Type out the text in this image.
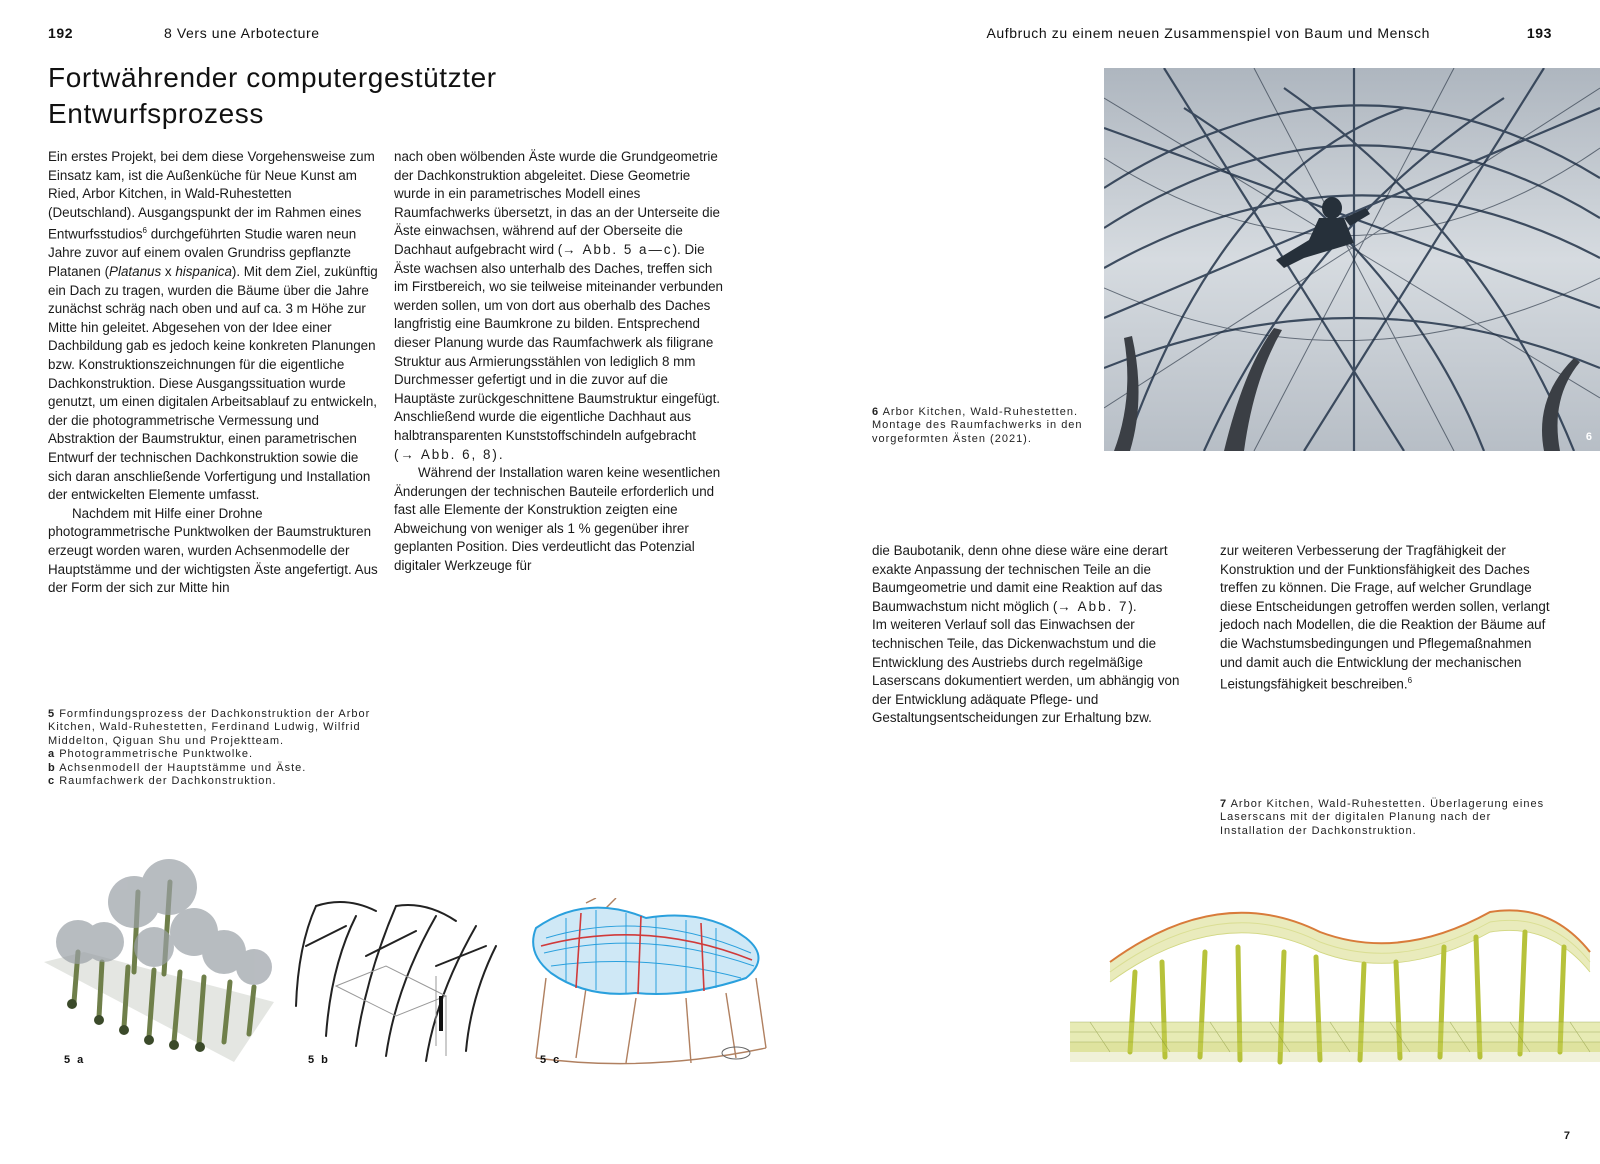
192	8 Vers une Arbotecture	Aufbruch zu einem neuen Zusammenspiel von Baum und Mensch	193
Fortwährender computergestützter
Entwurfsprozess

Ein erstes Projekt, bei dem diese Vorgehensweise zum Einsatz kam, ist die Außenküche für Neue Kunst am Ried, Arbor Kitchen, in Wald-Ruhestetten (Deutschland). Ausgangspunkt der im Rahmen eines Entwurfsstudios$^6$ durchgeführten Studie waren neun Jahre zuvor auf einem ovalen Grundriss gepflanzte Platanen (Platanus x hispanica). Mit dem Ziel, zukünftig ein Dach zu tragen, wurden die Bäume über die Jahre zunächst schräg nach oben und auf ca. 3 m Höhe zur Mitte hin geleitet. Abgesehen von der Idee einer Dachbildung gab es jedoch keine konkreten Planungen bzw. Konstruktionszeichnungen für die eigentliche Dachkonstruktion. Diese Ausgangssituation wurde genutzt, um einen digitalen Arbeitsablauf zu entwickeln, der die photogrammetrische Vermessung und Abstraktion der Baumstruktur, einen parametrischen Entwurf der technischen Dachkonstruktion sowie die sich daran anschließende Vorfertigung und Installation der entwickelten Elemente umfasst.

Nachdem mit Hilfe einer Drohne photogrammetrische Punktwolken der Baumstrukturen erzeugt worden waren, wurden Achsenmodelle der Hauptstämme und der wichtigsten Äste angefertigt. Aus der Form der sich zur Mitte hin

nach oben wölbenden Äste wurde die Grundgeometrie der Dachkonstruktion abgeleitet. Diese Geometrie wurde in ein parametrisches Modell eines Raumfachwerks übersetzt, in das an der Unterseite die Äste einwachsen, während auf der Oberseite die Dachhaut aufgebracht wird (→ Abb. 5 a—c). Die Äste wachsen also unterhalb des Daches, treffen sich im Firstbereich, wo sie teilweise miteinander verbunden werden sollen, um von dort aus oberhalb des Daches langfristig eine Baumkrone zu bilden. Entsprechend dieser Planung wurde das Raumfachwerk als filigrane Struktur aus Armierungsstählen von lediglich 8 mm Durchmesser gefertigt und in die zuvor auf die Hauptäste zurückgeschnittene Baumstruktur eingefügt. Anschließend wurde die eigentliche Dachhaut aus halbtransparenten Kunststoffschindeln aufgebracht

(→ Abb. 6, 8).

Während der Installation waren keine wesentlichen Änderungen der technischen Bauteile erforderlich und fast alle Elemente der Konstruktion zeigten eine Abweichung von weniger als 1 % gegenüber ihrer geplanten Position. Dies verdeutlicht das Potenzial digitaler Werkzeuge für

6
6 Arbor Kitchen, Wald-Ruhestetten. Montage des Raumfachwerks in den vorgeformten Ästen (2021).

die Baubotanik, denn ohne diese wäre eine derart exakte Anpassung der technischen Teile an die Baumgeometrie und damit eine Reaktion auf das Baumwachstum nicht möglich (→ Abb. 7).

Im weiteren Verlauf soll das Einwachsen der technischen Teile, das Dickenwachstum und die Entwicklung des Austriebs durch regelmäßige Laserscans dokumentiert werden, um abhängig von der Entwicklung adäquate Pflege- und Gestaltungsentscheidungen zur Erhaltung bzw.

zur weiteren Verbesserung der Tragfähigkeit der Konstruktion und der Funktionsfähigkeit des Daches treffen zu können. Die Frage, auf welcher Grundlage diese Entscheidungen getroffen werden sollen, verlangt jedoch nach Modellen, die die Reaktion der Bäume auf die Wachstumsbedingungen und Pflegemaßnahmen und damit auch die Entwicklung der mechanischen Leistungsfähigkeit beschreiben.$^6$

5 Formfindungsprozess der Dachkonstruktion der Arbor Kitchen, Wald-Ruhestetten, Ferdinand Ludwig, Wilfrid Middelton, Qiguan Shu und Projektteam.
a Photogrammetrische Punktwolke.
b Achsenmodell der Hauptstämme und Äste.
c Raumfachwerk der Dachkonstruktion.
7 Arbor Kitchen, Wald-Ruhestetten. Überlagerung eines Laserscans mit der digitalen Planung nach der Installation der Dachkonstruktion.
5 a	5 b	5 c
7
